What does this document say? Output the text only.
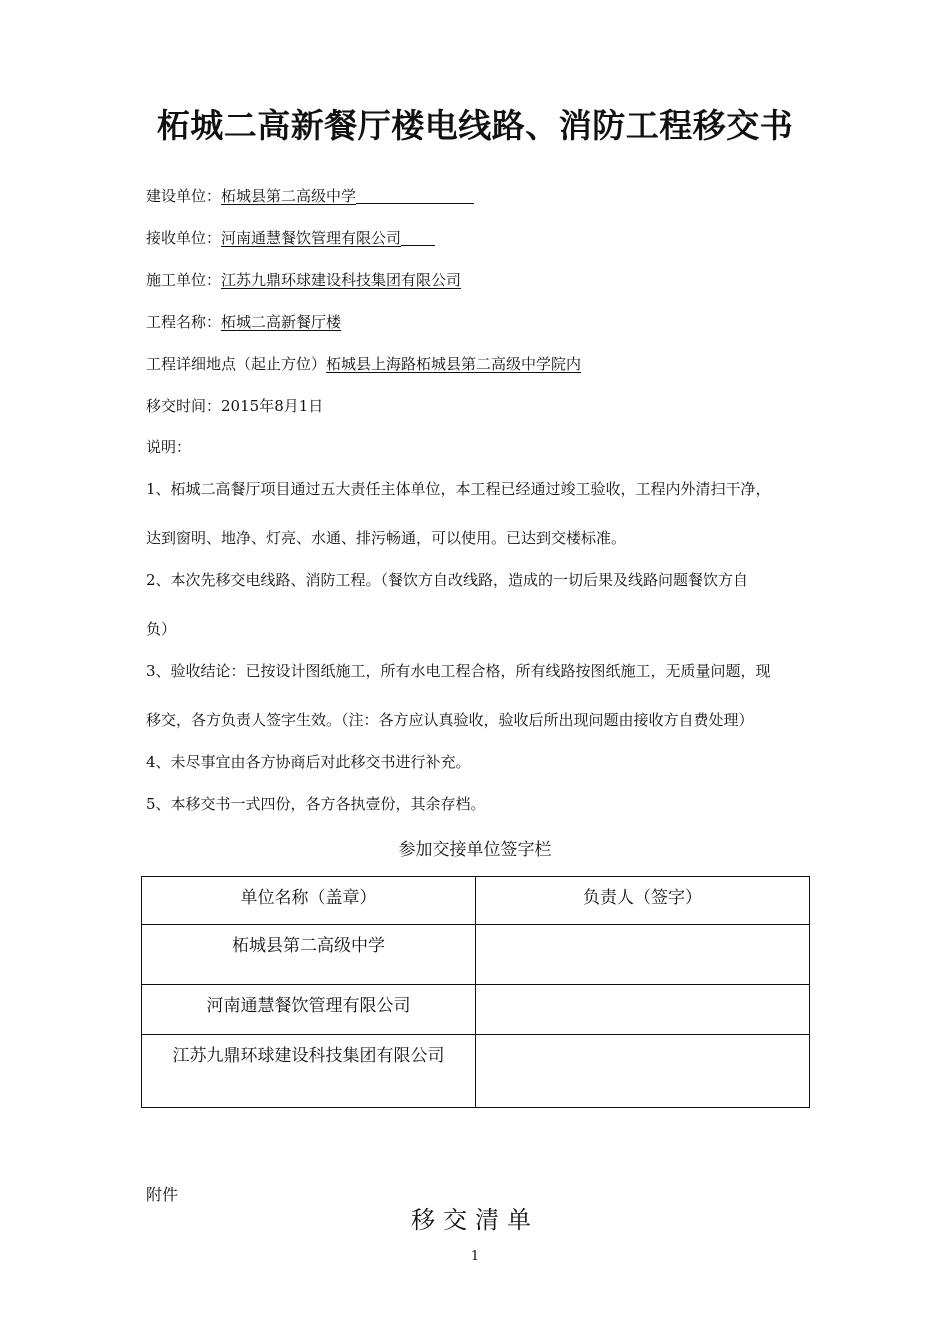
柘城二高新餐厅楼电线路、消防工程移交书
建设单位：柘城县第二高级中学
接收单位：河南通慧餐饮管理有限公司
施工单位：江苏九鼎环球建设科技集团有限公司
工程名称：柘城二高新餐厅楼
工程详细地点（起止方位）柘城县上海路柘城县第二高级中学院内
移交时间：2015年8月1日
说明：
1、柘城二高餐厅项目通过五大责任主体单位，本工程已经通过竣工验收，工程内外清扫干净，
达到窗明、地净、灯亮、水通、排污畅通，可以使用。已达到交楼标准。
2、本次先移交电线路、消防工程。（餐饮方自改线路，造成的一切后果及线路问题餐饮方自
负）
3、验收结论：已按设计图纸施工，所有水电工程合格，所有线路按图纸施工，无质量问题，现
移交，各方负责人签字生效。（注：各方应认真验收，验收后所出现问题由接收方自费处理）
4、未尽事宜由各方协商后对此移交书进行补充。
5、本移交书一式四份，各方各执壹份，其余存档。
参加交接单位签字栏
单位名称（盖章）	负责人（签字）
柘城县第二高级中学	
河南通慧餐饮管理有限公司	
江苏九鼎环球建设科技集团有限公司	
附件
移交清单
1
